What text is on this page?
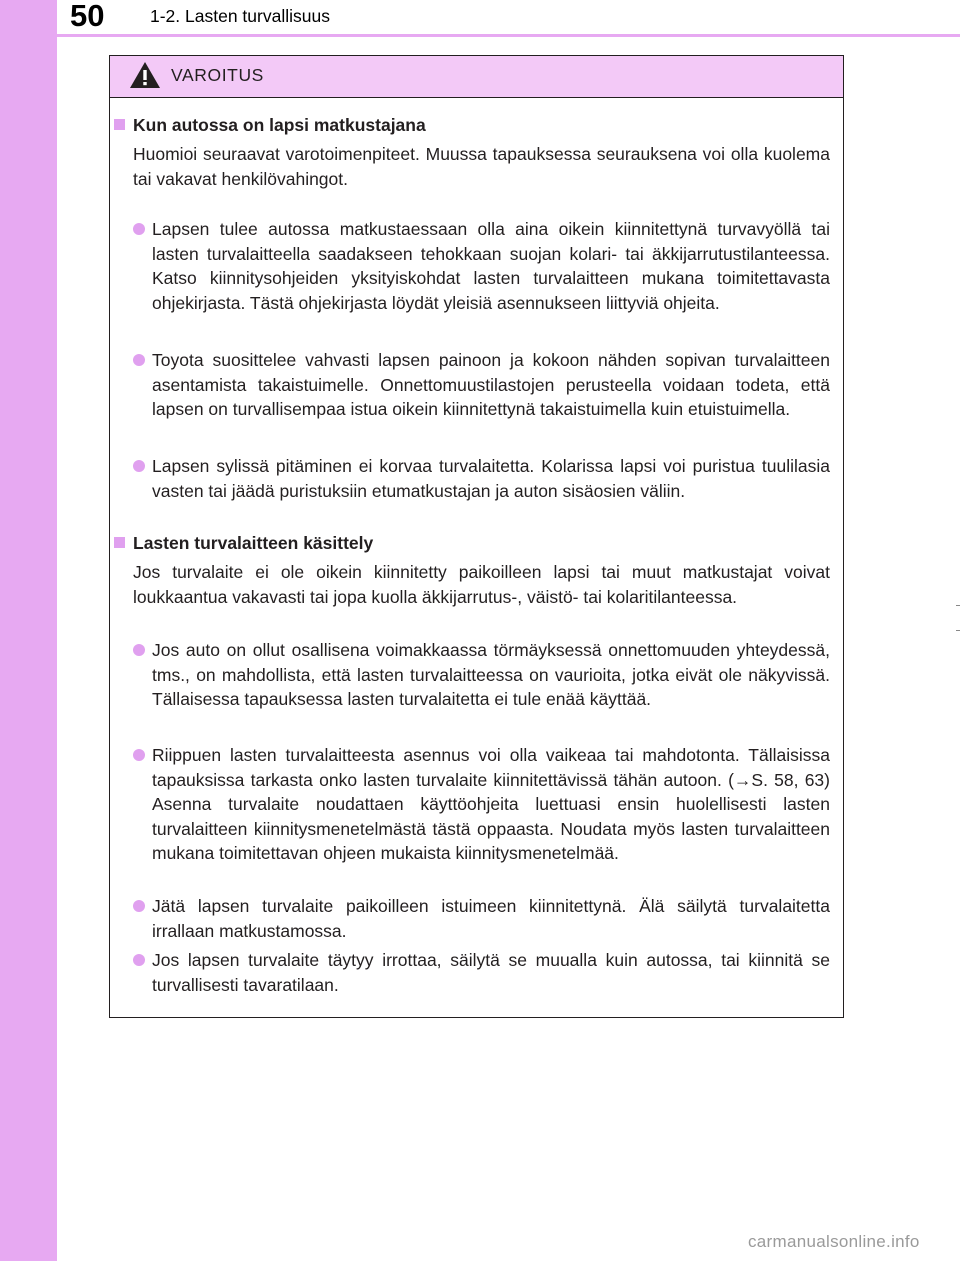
50	1-2. Lasten turvallisuus
VAROITUS
Kun autossa on lapsi matkustajana
Huomioi seuraavat varotoimenpiteet. Muussa tapauksessa seurauksena voi olla kuolema tai vakavat henkilövahingot.
Lapsen tulee autossa matkustaessaan olla aina oikein kiinnitettynä turvavyöllä tai lasten turvalaitteella saadakseen tehokkaan suojan kolari- tai äkkijarrutustilanteessa. Katso kiinnitysohjeiden yksityiskohdat lasten turvalaitteen mukana toimitettavasta ohjekirjasta. Tästä ohjekirjasta löydät yleisiä asennukseen liittyviä ohjeita.
Toyota suosittelee vahvasti lapsen painoon ja kokoon nähden sopivan turvalaitteen asentamista takaistuimelle. Onnettomuustilastojen perusteella voidaan todeta, että lapsen on turvallisempaa istua oikein kiinnitettynä takaistuimella kuin etuistuimella.
Lapsen sylissä pitäminen ei korvaa turvalaitetta. Kolarissa lapsi voi puristua tuulilasia vasten tai jäädä puristuksiin etumatkustajan ja auton sisäosien väliin.
Lasten turvalaitteen käsittely
Jos turvalaite ei ole oikein kiinnitetty paikoilleen lapsi tai muut matkustajat voivat loukkaantua vakavasti tai jopa kuolla äkkijarrutus-, väistö- tai kolaritilanteessa.
Jos auto on ollut osallisena voimakkaassa törmäyksessä onnettomuuden yhteydessä, tms., on mahdollista, että lasten turvalaitteessa on vaurioita, jotka eivät ole näkyvissä. Tällaisessa tapauksessa lasten turvalaitetta ei tule enää käyttää.
Riippuen lasten turvalaitteesta asennus voi olla vaikeaa tai mahdotonta. Tällaisissa tapauksissa tarkasta onko lasten turvalaite kiinnitettävissä tähän autoon. (→S. 58, 63) Asenna turvalaite noudattaen käyttöohjeita luettuasi ensin huolellisesti lasten turvalaitteen kiinnitysmenetelmästä tästä oppaasta. Noudata myös lasten turvalaitteen mukana toimitettavan ohjeen mukaista kiinnitysmenetelmää.
Jätä lapsen turvalaite paikoilleen istuimeen kiinnitettynä. Älä säilytä turvalaitetta irrallaan matkustamossa.
Jos lapsen turvalaite täytyy irrottaa, säilytä se muualla kuin autossa, tai kiinnitä se turvallisesti tavaratilaan.
carmanualsonline.info
